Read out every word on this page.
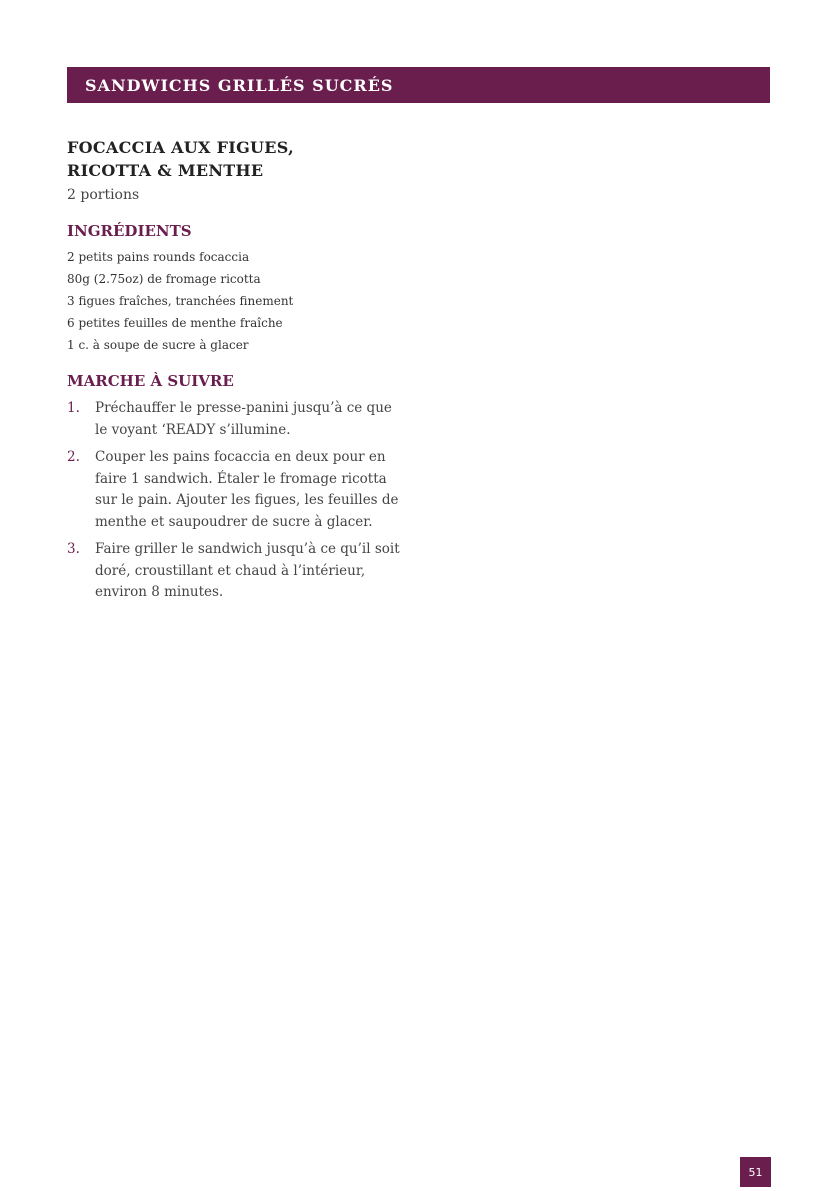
SANDWICHS GRILLÉS SUCRÉS
FOCACCIA AUX FIGUES,
RICOTTA & MENTHE

2 portions

INGRÉDIENTS
2 petits pains rounds focaccia
80g (2.75oz) de fromage ricotta
3 figues fraîches, tranchées finement
6 petites feuilles de menthe fraîche
1 c. à soupe de sucre à glacer
MARCHE À SUIVRE
1.	Préchauffer le presse-panini jusqu’à ce que le voyant ‘READY s’illumine.
2.	Couper les pains focaccia en deux pour en faire 1 sandwich. Étaler le fromage ricotta sur le pain. Ajouter les figues, les feuilles de menthe et saupoudrer de sucre à glacer.
3.	Faire griller le sandwich jusqu’à ce qu’il soit doré, croustillant et chaud à l’intérieur, environ 8 minutes.
51
